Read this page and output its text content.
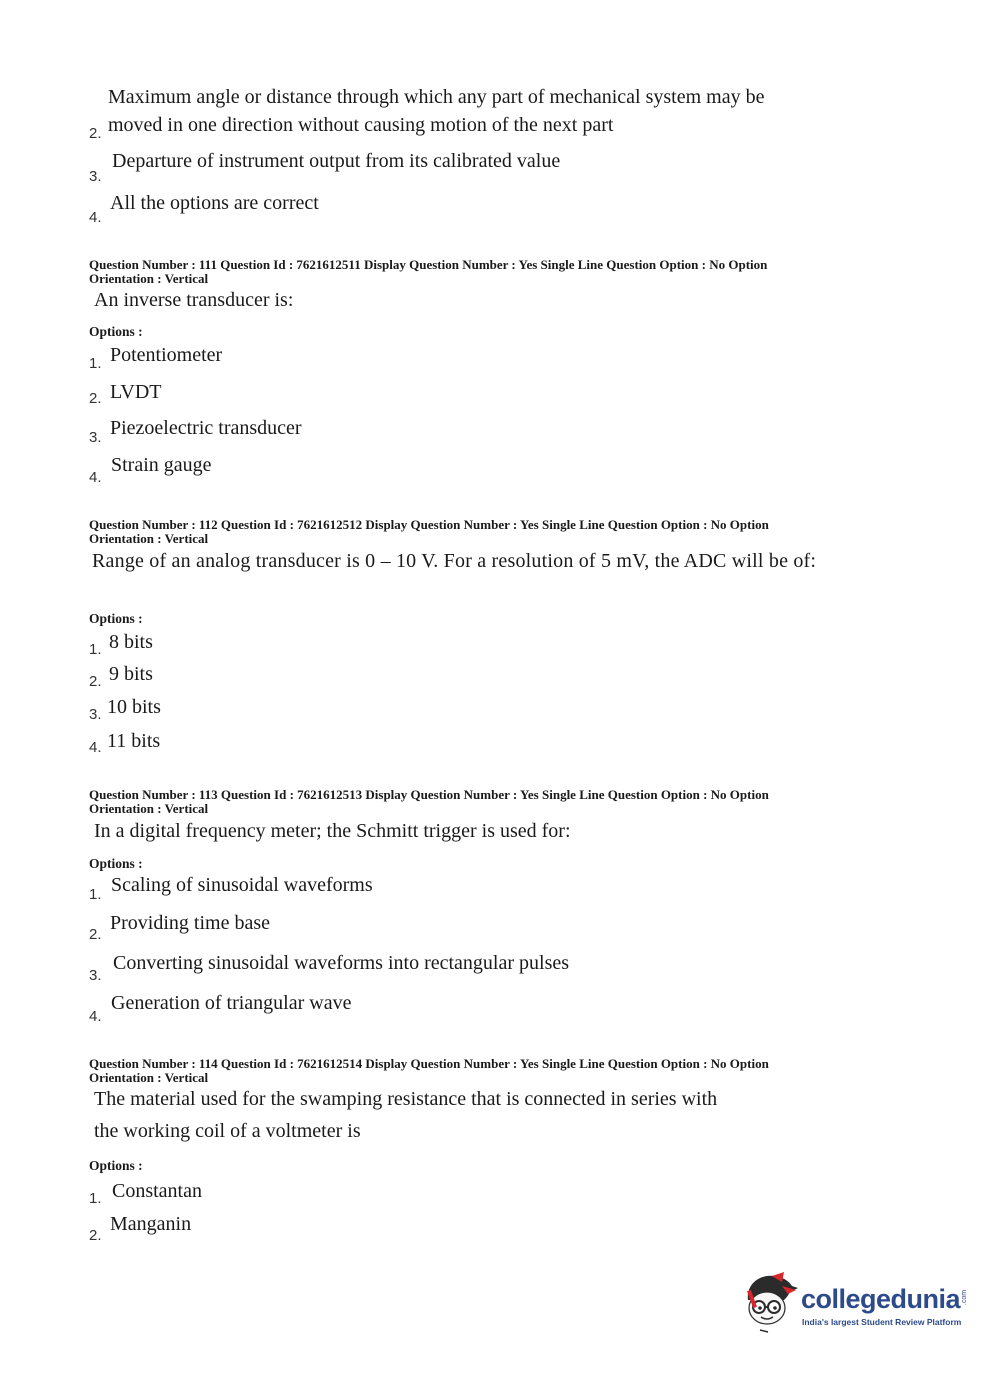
Maximum angle or distance through which any part of mechanical system may be
2. moved in one direction without causing motion of the next part
3.
Departure of instrument output from its calibrated value
4.
All the options are correct
Question Number : 111 Question Id : 7621612511 Display Question Number : Yes Single Line Question Option : No Option
Orientation : Vertical
An inverse transducer is:
Options :
1. Potentiometer
2. LVDT
3. Piezoelectric transducer
4.
Strain gauge
Question Number : 112 Question Id : 7621612512 Display Question Number : Yes Single Line Question Option : No Option
Orientation : Vertical
Range of an analog transducer is 0 – 10 V. For a resolution of 5 mV, the ADC will be of:
Options :
1. 8 bits
2. 9 bits
3. 10 bits
4. 11 bits
Question Number : 113 Question Id : 7621612513 Display Question Number : Yes Single Line Question Option : No Option
Orientation : Vertical
In a digital frequency meter; the Schmitt trigger is used for:
Options :
1. Scaling of sinusoidal waveforms
2.
Providing time base
3.
Converting sinusoidal waveforms into rectangular pulses
4.
Generation of triangular wave
Question Number : 114 Question Id : 7621612514 Display Question Number : Yes Single Line Question Option : No Option
Orientation : Vertical
The material used for the swamping resistance that is connected in series with
the working coil of a voltmeter is
Options :
1. Constantan
2.
Manganin
collegedunia .com
India's largest Student Review Platform
